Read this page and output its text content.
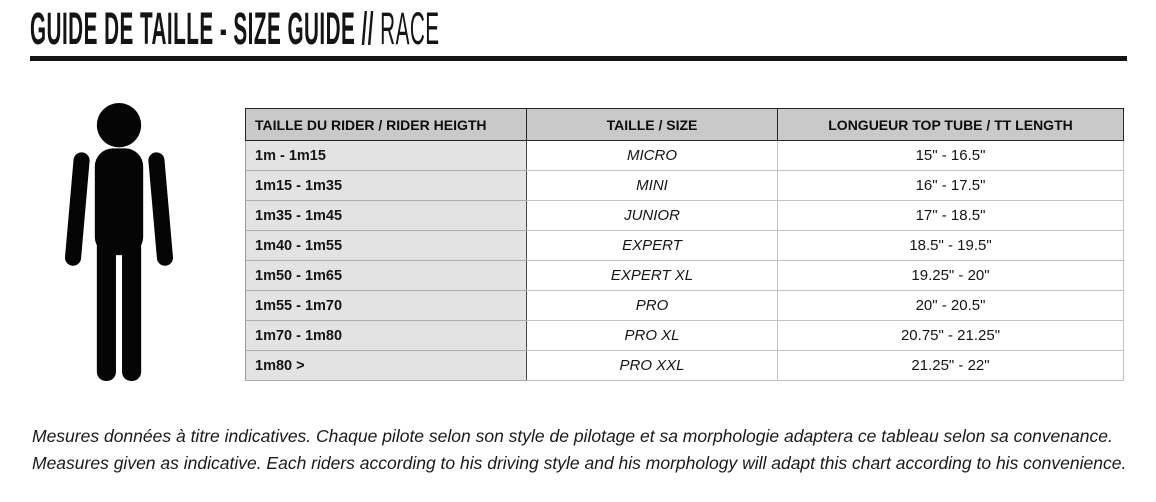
GUIDE DE TAILLE - SIZE GUIDE // RACE
TAILLE DU RIDER / RIDER HEIGTH	TAILLE / SIZE	LONGUEUR TOP TUBE / TT LENGTH
1m - 1m15	MICRO	15" - 16.5"
1m15 - 1m35	MINI	16" - 17.5"
1m35 - 1m45	JUNIOR	17" - 18.5"
1m40 - 1m55	EXPERT	18.5" - 19.5"
1m50 - 1m65	EXPERT XL	19.25" - 20"
1m55 - 1m70	PRO	20" - 20.5"
1m70 - 1m80	PRO XL	20.75" - 21.25"
1m80 >	PRO XXL	21.25" - 22"
Mesures données à titre indicatives. Chaque pilote selon son style de pilotage et sa morphologie adaptera ce tableau selon sa convenance.
Measures given as indicative. Each riders according to his driving style and his morphology will adapt this chart according to his convenience.
